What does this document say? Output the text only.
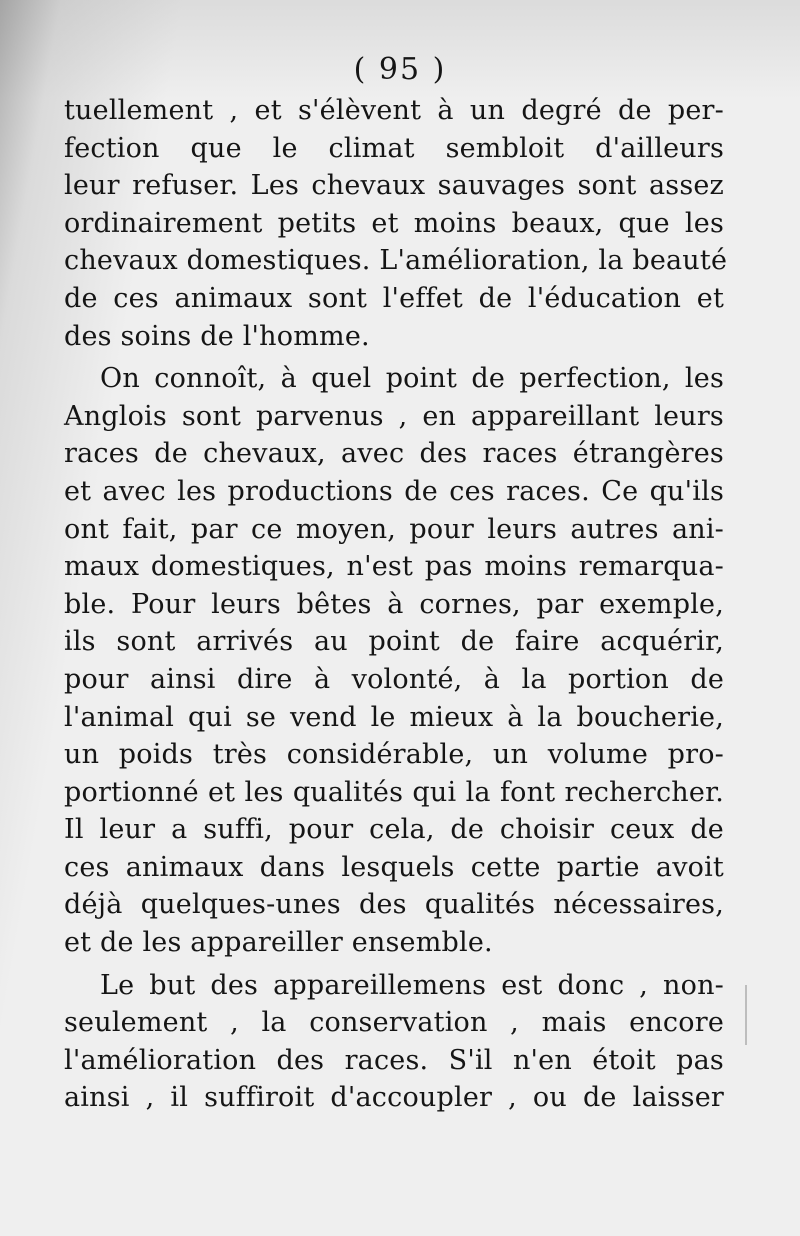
( 95 )
tuellement , et s'élèvent à un degré de per-
fection que le climat sembloit d'ailleurs
leur refuser. Les chevaux sauvages sont assez
ordinairement petits et moins beaux, que les
chevaux domestiques. L'amélioration, la beauté
de ces animaux sont l'effet de l'éducation et
des soins de l'homme.
On connoît, à quel point de perfection, les
Anglois sont parvenus , en appareillant leurs
races de chevaux, avec des races étrangères
et avec les productions de ces races. Ce qu'ils
ont fait, par ce moyen, pour leurs autres ani-
maux domestiques, n'est pas moins remarqua-
ble. Pour leurs bêtes à cornes, par exemple,
ils sont arrivés au point de faire acquérir,
pour ainsi dire à volonté, à la portion de
l'animal qui se vend le mieux à la boucherie,
un poids très considérable, un volume pro-
portionné et les qualités qui la font rechercher.
Il leur a suffi, pour cela, de choisir ceux de
ces animaux dans lesquels cette partie avoit
déjà quelques-unes des qualités nécessaires,
et de les appareiller ensemble.
Le but des appareillemens est donc , non-
seulement , la conservation , mais encore
l'amélioration des races. S'il n'en étoit pas
ainsi , il suffiroit d'accoupler , ou de laisser
